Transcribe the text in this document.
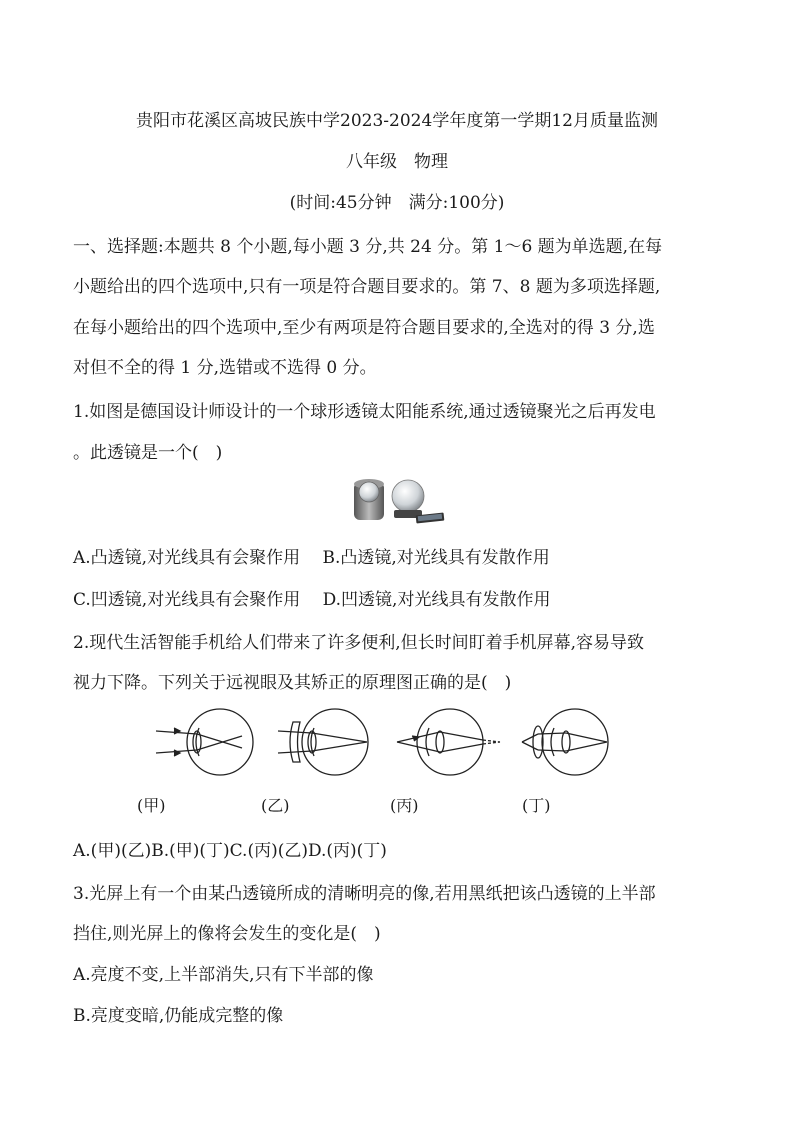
贵阳市花溪区高坡民族中学2023-2024学年度第一学期12月质量监测
八年级　物理
(时间:45分钟　满分:100分)
一、选择题:本题共 8 个小题,每小题 3 分,共 24 分。第 1～6 题为单选题,在每
小题给出的四个选项中,只有一项是符合题目要求的。第 7、8 题为多项选择题,
在每小题给出的四个选项中,至少有两项是符合题目要求的,全选对的得 3 分,选
对但不全的得 1 分,选错或不选得 0 分。
1.如图是德国设计师设计的一个球形透镜太阳能系统,通过透镜聚光之后再发电
。此透镜是一个(　)
A.凸透镜,对光线具有会聚作用　 B.凸透镜,对光线具有发散作用
C.凹透镜,对光线具有会聚作用　 D.凹透镜,对光线具有发散作用
2.现代生活智能手机给人们带来了许多便利,但长时间盯着手机屏幕,容易导致
视力下降。下列关于远视眼及其矫正的原理图正确的是(　)
(甲)	(乙)	(丙)	(丁)
A.(甲)(乙)B.(甲)(丁)C.(丙)(乙)D.(丙)(丁)
3.光屏上有一个由某凸透镜所成的清晰明亮的像,若用黑纸把该凸透镜的上半部
挡住,则光屏上的像将会发生的变化是(　)
A.亮度不变,上半部消失,只有下半部的像
B.亮度变暗,仍能成完整的像
